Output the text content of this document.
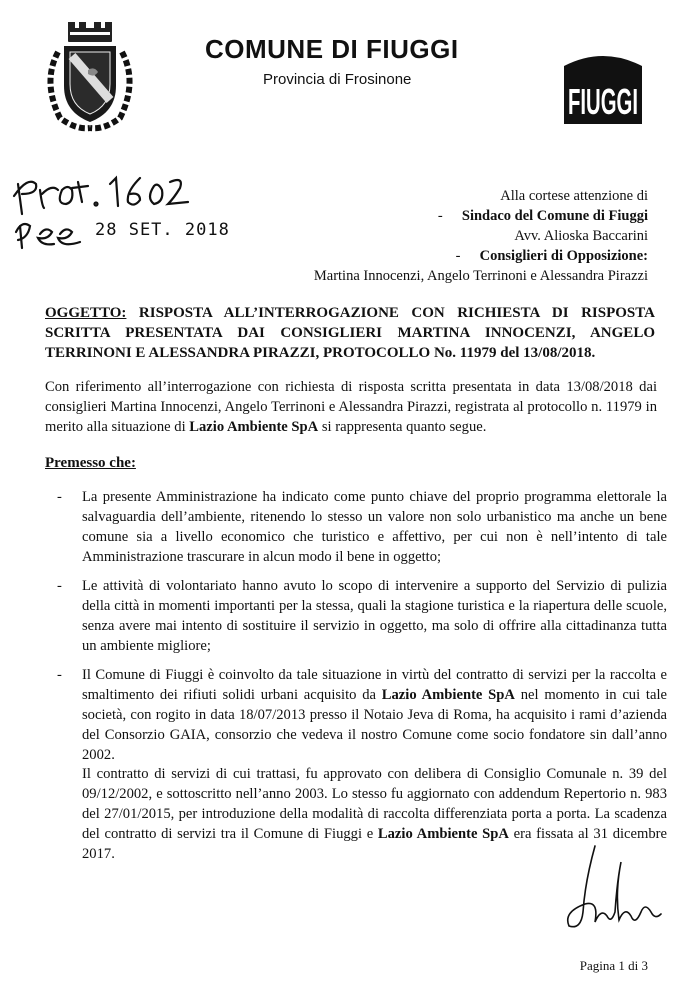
COMUNE DI FIUGGI
Provincia di Frosinone
FIUGGI
28 SET. 2018
Alla cortese attenzione di
- Sindaco del Comune di Fiuggi
Avv. Alioska Baccarini
- Consiglieri di Opposizione:
Martina Innocenzi, Angelo Terrinoni e Alessandra Pirazzi
OGGETTO: RISPOSTA ALL’INTERROGAZIONE CON RICHIESTA DI RISPOSTA SCRITTA PRESENTATA DAI CONSIGLIERI MARTINA INNOCENZI, ANGELO TERRINONI E ALESSANDRA PIRAZZI, PROTOCOLLO No. 11979 del 13/08/2018.
Con riferimento all’interrogazione con richiesta di risposta scritta presentata in data 13/08/2018 dai consiglieri Martina Innocenzi, Angelo Terrinoni e Alessandra Pirazzi, registrata al protocollo n. 11979 in merito alla situazione di Lazio Ambiente SpA si rappresenta quanto segue.
Premesso che:
- La presente Amministrazione ha indicato come punto chiave del proprio programma elettorale la salvaguardia dell’ambiente, ritenendo lo stesso un valore non solo urbanistico ma anche un bene comune sia a livello economico che turistico e affettivo, per cui non è nell’intento di tale Amministrazione trascurare in alcun modo il bene in oggetto;
- Le attività di volontariato hanno avuto lo scopo di intervenire a supporto del Servizio di pulizia della città in momenti importanti per la stessa, quali la stagione turistica e la riapertura delle scuole, senza avere mai intento di sostituire il servizio in oggetto, ma solo di offrire alla cittadinanza tutta un ambiente migliore;
- Il Comune di Fiuggi è coinvolto da tale situazione in virtù del contratto di servizi per la raccolta e smaltimento dei rifiuti solidi urbani acquisito da Lazio Ambiente SpA nel momento in cui tale società, con rogito in data 18/07/2013 presso il Notaio Jeva di Roma, ha acquisito i rami d’azienda del Consorzio GAIA, consorzio che vedeva il nostro Comune come socio fondatore sin dall’anno 2002.
Il contratto di servizi di cui trattasi, fu approvato con delibera di Consiglio Comunale n. 39 del 09/12/2002, e sottoscritto nell’anno 2003. Lo stesso fu aggiornato con addendum Repertorio n. 983 del 27/01/2015, per introduzione della modalità di raccolta differenziata porta a porta. La scadenza del contratto di servizi tra il Comune di Fiuggi e Lazio Ambiente SpA era fissata al 31 dicembre 2017.
Pagina 1 di 3
